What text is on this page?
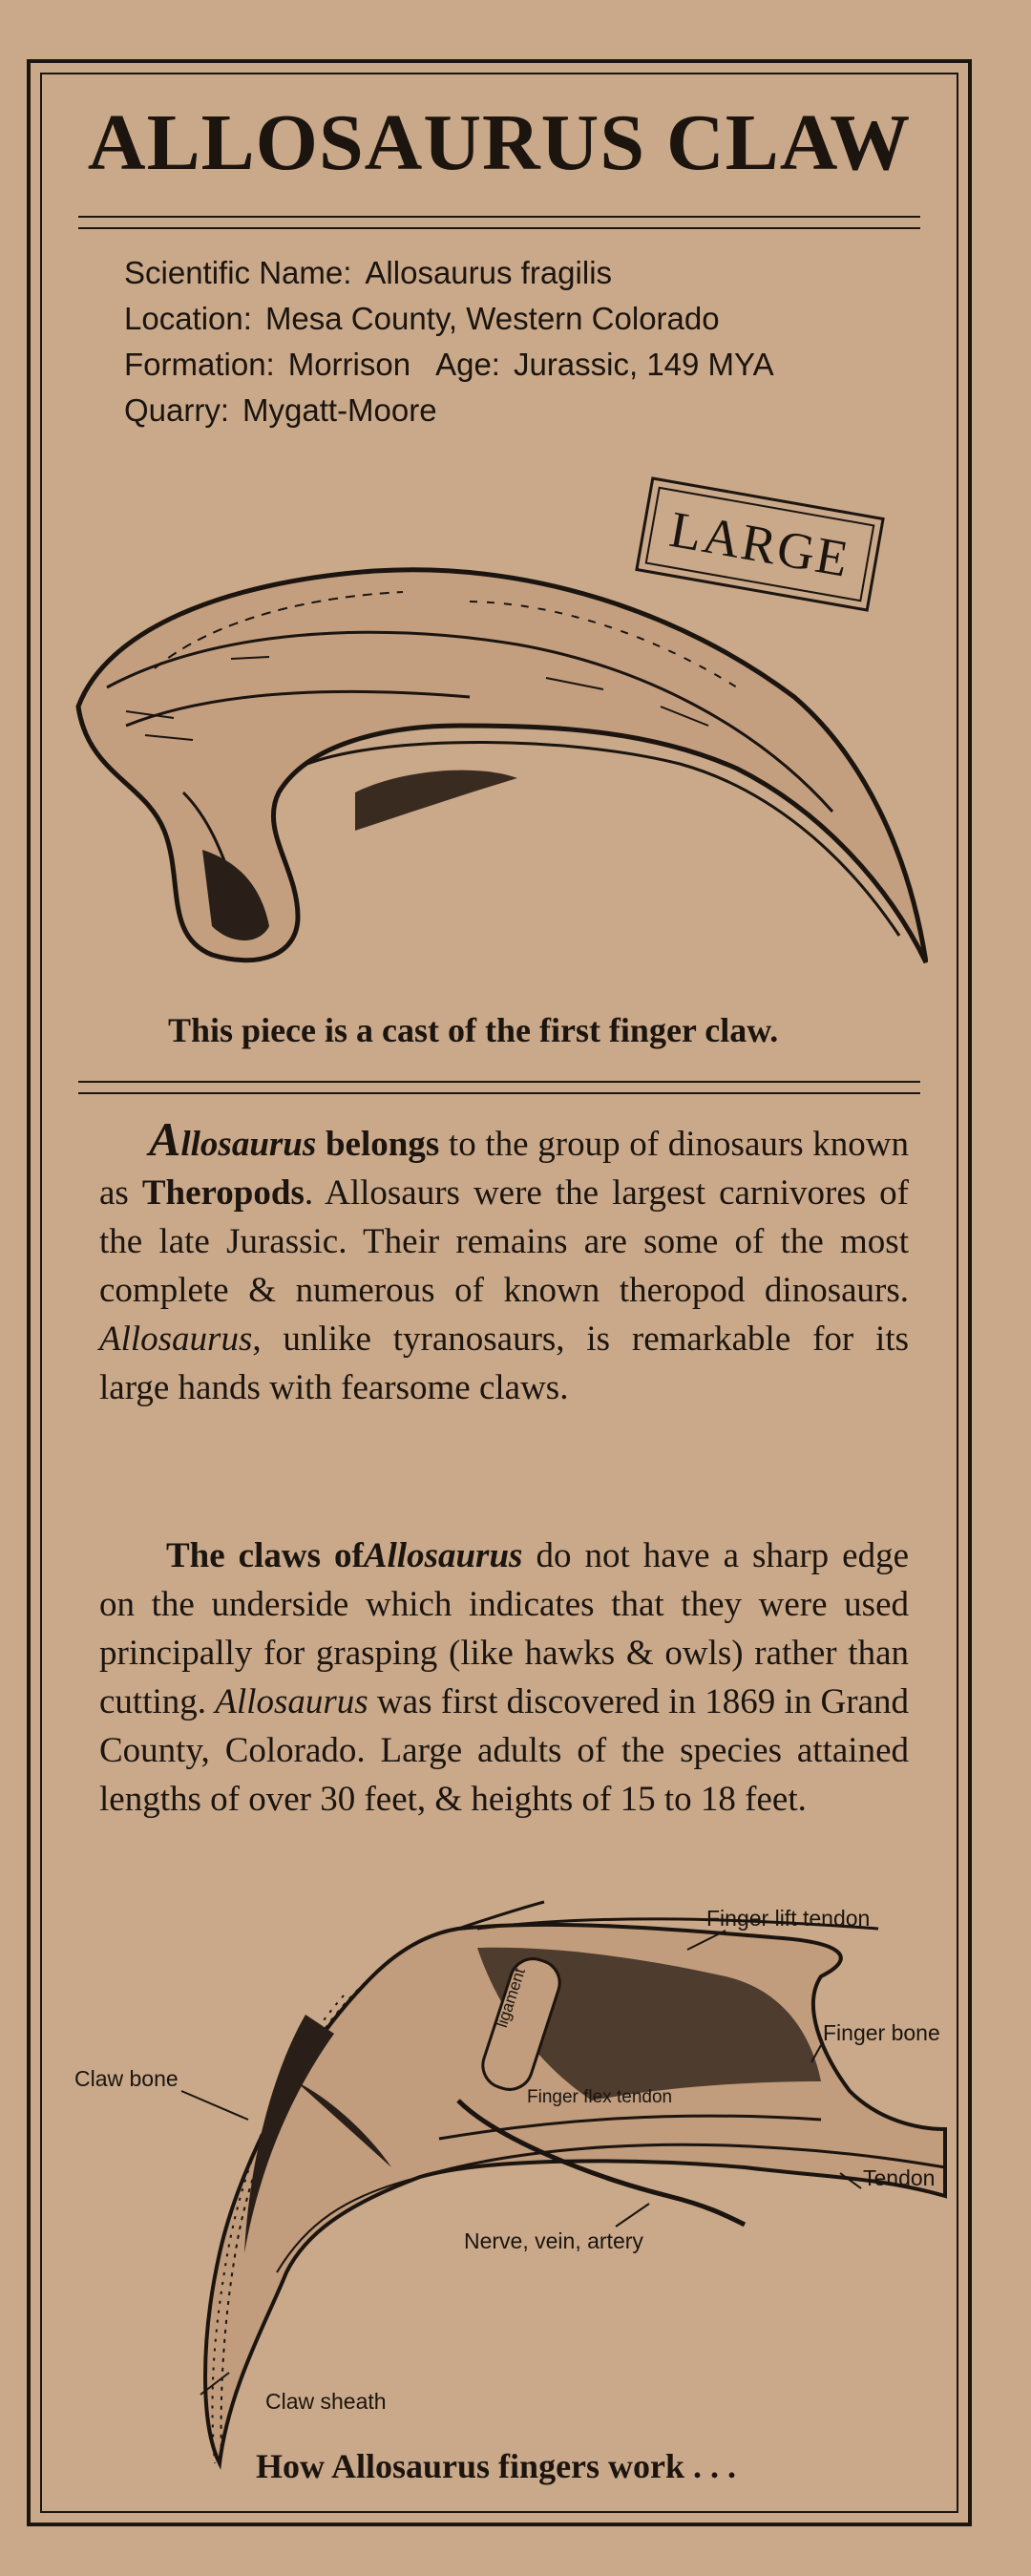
ALLOSAURUS CLAW
Scientific Name: Allosaurus fragilis
Location: Mesa County, Western Colorado
Formation: Morrison Age: Jurassic, 149 MYA
Quarry: Mygatt-Moore
LARGE

This piece is a cast of the first finger claw.

Allosaurus belongs to the group of dinosaurs known as Theropods. Allosaurs were the largest carnivores of the late Jurassic. Their remains are some of the most complete & numerous of known theropod dinosaurs. Allosaurus, unlike tyranosaurs, is remarkable for its large hands with fearsome claws.

The claws ofAllosaurus do not have a sharp edge on the underside which indicates that they were used principally for grasping (like hawks & owls) rather than cutting. Allosaurus was first discovered in 1869 in Grand County, Colorado. Large adults of the species attained lengths of over 30 feet, & heights of 15 to 18 feet.

Finger lift tendon
Finger bone
Claw bone
ligament
Finger flex tendon
Tendon
Nerve, vein, artery
Claw sheath

How Allosaurus fingers work . . .
